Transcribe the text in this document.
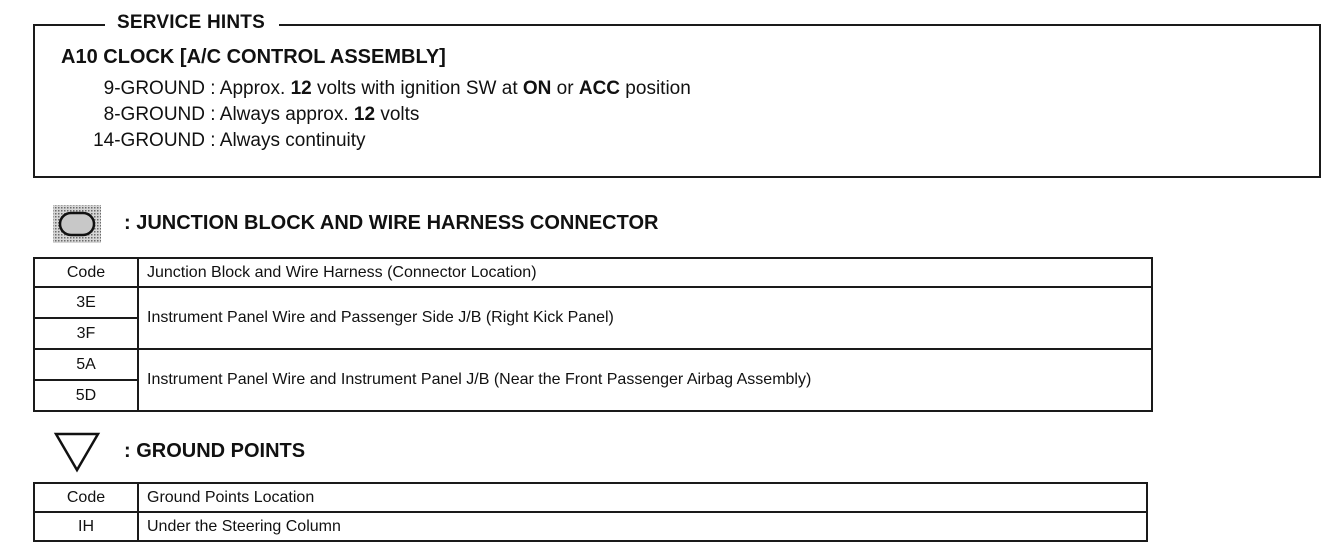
SERVICE HINTS
A10 CLOCK [A/C CONTROL ASSEMBLY]
9-GROUND : Approx. 12 volts with ignition SW at ON or ACC position
8-GROUND : Always approx. 12 volts
14-GROUND : Always continuity
: JUNCTION BLOCK AND WIRE HARNESS CONNECTOR
Code	Junction Block and Wire Harness (Connector Location)
3E	Instrument Panel Wire and Passenger Side J/B (Right Kick Panel)
3F	
5A	Instrument Panel Wire and Instrument Panel J/B (Near the Front Passenger Airbag Assembly)
5D	
: GROUND POINTS
Code	Ground Points Location
IH	Under the Steering Column
